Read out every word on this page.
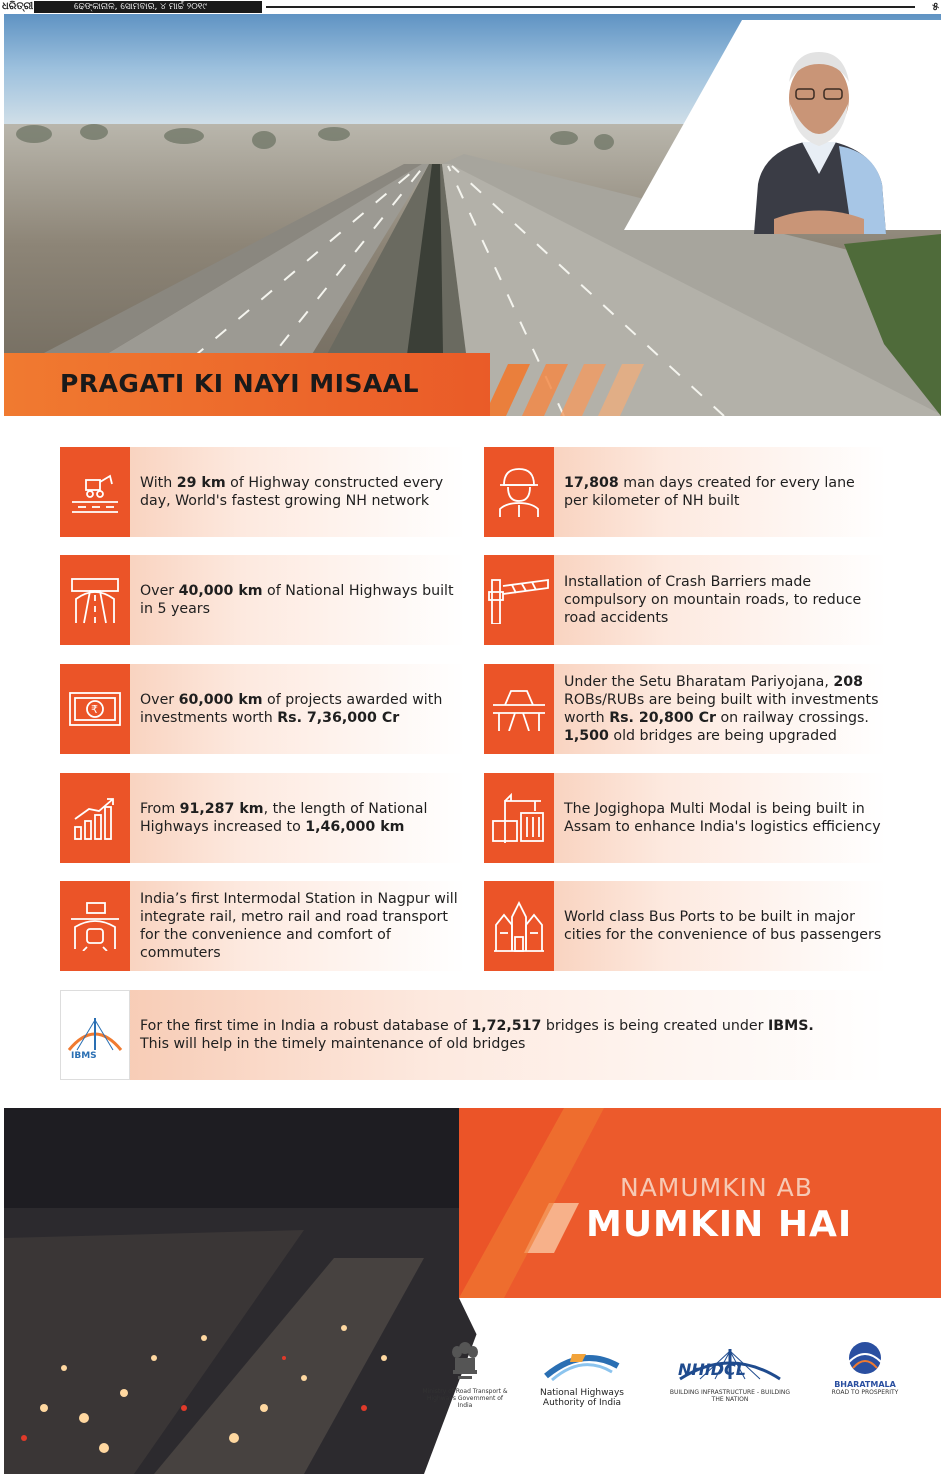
ଧରିତ୍ରୀ	ଢେଙ୍କାନାଳ, ସୋମବାର, ୪ ମାର୍ଚ୍ଚ ୨୦୧୯	୫
PRAGATI KI NAYI MISAAL
With 29 km of Highway constructed every day, World's fastest growing NH network
Over 40,000 km of National Highways built in 5 years
₹
Over 60,000 km of projects awarded with investments worth Rs. 7,36,000 Cr
From 91,287 km, the length of National Highways increased to 1,46,000 km
India’s first Intermodal Station in Nagpur will integrate rail, metro rail and road transport for the convenience and comfort of commuters
17,808 man days created for every lane per kilometer of NH built
Installation of Crash Barriers made compulsory on mountain roads, to reduce road accidents
Under the Setu Bharatam Pariyojana, 208 ROBs/RUBs are being built with investments worth Rs. 20,800 Cr on railway crossings. 1,500 old bridges are being upgraded
The Jogighopa Multi Modal is being built in Assam to enhance India's logistics efficiency
World class Bus Ports to be built in major cities for the convenience of bus passengers
IBMS
For the first time in India a robust database of 1,72,517 bridges is being created under IBMS.
This will help in the timely maintenance of old bridges
NAMUMKIN AB
MUMKIN HAI
Ministry of Road Transport & Highways Government of India
National Highways Authority of India
NHIDCL
BUILDING INFRASTRUCTURE - BUILDING THE NATION
BHARATMALA
ROAD TO PROSPERITY
